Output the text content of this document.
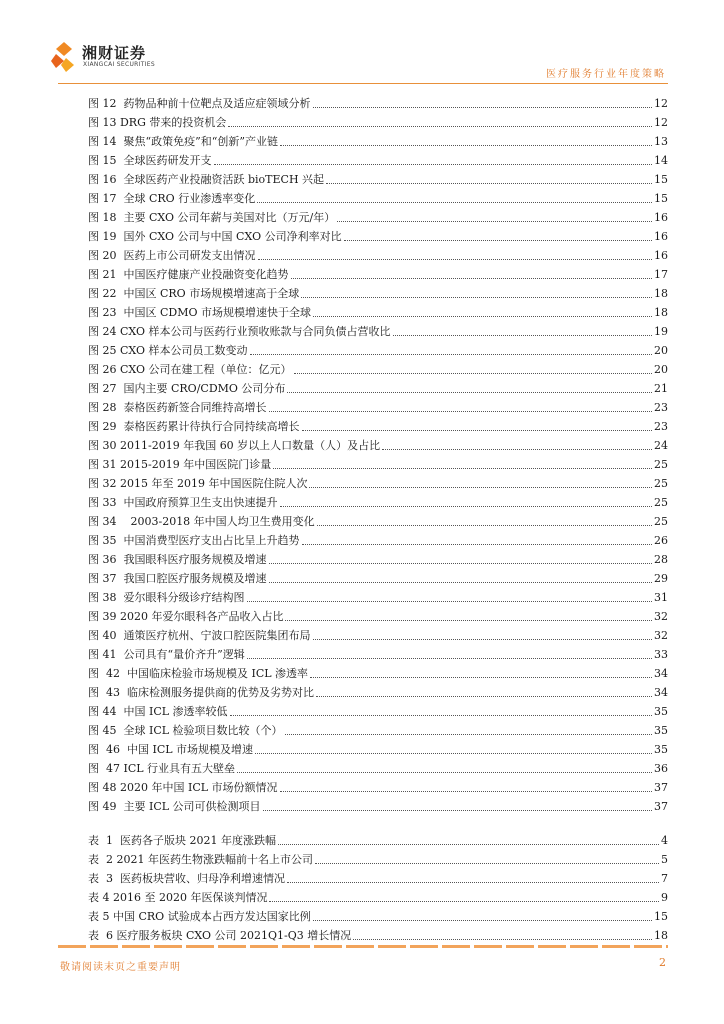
湘财证券
XIANGCAI SECURITIES
医疗服务行业年度策略
图 12  药物品种前十位靶点及适应症领域分析	12
图 13 DRG 带来的投资机会	12
图 14  聚焦“政策免疫”和“创新”产业链	13
图 15  全球医药研发开支	14
图 16  全球医药产业投融资活跃 bioTECH 兴起	15
图 17  全球 CRO 行业渗透率变化	15
图 18  主要 CXO 公司年薪与美国对比（万元/年）	16
图 19  国外 CXO 公司与中国 CXO 公司净利率对比	16
图 20  医药上市公司研发支出情况	16
图 21  中国医疗健康产业投融资变化趋势	17
图 22  中国区 CRO 市场规模增速高于全球	18
图 23  中国区 CDMO 市场规模增速快于全球	18
图 24 CXO 样本公司与医药行业预收账款与合同负债占营收比	19
图 25 CXO 样本公司员工数变动	20
图 26 CXO 公司在建工程（单位：亿元）	20
图 27  国内主要 CRO/CDMO 公司分布	21
图 28  泰格医药新签合同维持高增长	23
图 29  泰格医药累计待执行合同持续高增长	23
图 30 2011-2019 年我国 60 岁以上人口数量（人）及占比	24
图 31 2015-2019 年中国医院门诊量	25
图 32 2015 年至 2019 年中国医院住院人次	25
图 33  中国政府预算卫生支出快速提升	25
图 34    2003-2018 年中国人均卫生费用变化	25
图 35  中国消费型医疗支出占比呈上升趋势	26
图 36  我国眼科医疗服务规模及增速	28
图 37  我国口腔医疗服务规模及增速	29
图 38  爱尔眼科分级诊疗结构图	31
图 39 2020 年爱尔眼科各产品收入占比	32
图 40  通策医疗杭州、宁波口腔医院集团布局	32
图 41  公司具有“量价齐升”逻辑	33
图  42  中国临床检验市场规模及 ICL 渗透率	34
图  43  临床检测服务提供商的优势及劣势对比	34
图 44  中国 ICL 渗透率较低	35
图 45  全球 ICL 检验项目数比较（个）	35
图  46  中国 ICL 市场规模及增速	35
图  47 ICL 行业具有五大壁垒	36
图 48 2020 年中国 ICL 市场份额情况	37
图 49  主要 ICL 公司可供检测项目	37
表  1  医药各子版块 2021 年度涨跌幅	4
表  2 2021 年医药生物涨跌幅前十名上市公司	5
表  3  医药板块营收、归母净利增速情况	7
表 4 2016 至 2020 年医保谈判情况	9
表 5 中国 CRO 试验成本占西方发达国家比例	15
表  6 医疗服务板块 CXO 公司 2021Q1-Q3 增长情况	18
敬请阅读末页之重要声明	2
